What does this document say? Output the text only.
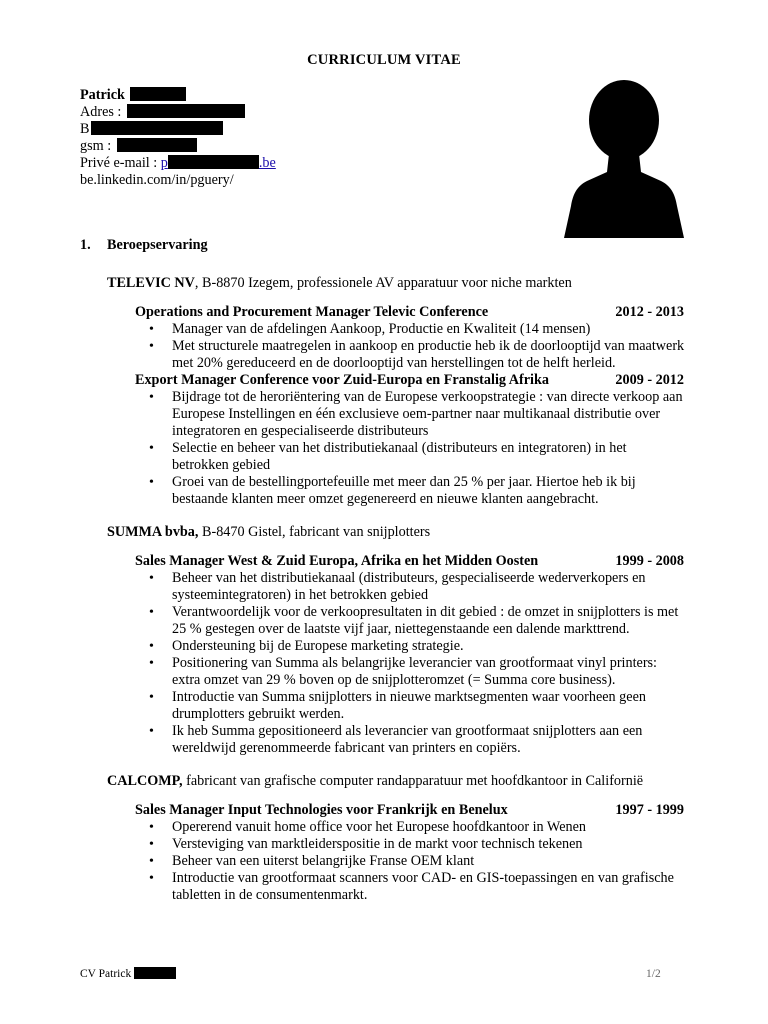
CURRICULUM VITAE
Patrick
Adres :
B
gsm :
Privé e-mail : p	.be
be.linkedin.com/in/pguery/
1. Beroepservaring
TELEVIC NV, B-8870 Izegem, professionele AV apparatuur voor niche markten
Operations and Procurement Manager Televic Conference	2012 - 2013
• Manager van de afdelingen Aankoop, Productie en Kwaliteit (14 mensen)
• Met structurele maatregelen in aankoop en productie heb ik de doorlooptijd van maatwerk met 20% gereduceerd en de doorlooptijd van herstellingen tot de helft herleid.
Export Manager Conference voor Zuid-Europa en Franstalig Afrika	2009 - 2012
• Bijdrage tot de heroriëntering van de Europese verkoopstrategie : van directe verkoop aan Europese Instellingen en één exclusieve oem-partner naar multikanaal distributie over integratoren en gespecialiseerde distributeurs
• Selectie en beheer van het distributiekanaal (distributeurs en integratoren) in het betrokken gebied
• Groei van de bestellingportefeuille met meer dan 25 % per jaar. Hiertoe heb ik bij bestaande klanten meer omzet gegenereerd en nieuwe klanten aangebracht.
SUMMA bvba, B-8470 Gistel, fabricant van snijplotters
Sales Manager West & Zuid Europa, Afrika en het Midden Oosten	1999 - 2008
• Beheer van het distributiekanaal (distributeurs, gespecialiseerde wederverkopers en systeemintegratoren) in het betrokken gebied
• Verantwoordelijk voor de verkoopresultaten in dit gebied : de omzet in snijplotters is met 25 % gestegen over de laatste vijf jaar, niettegenstaande een dalende markttrend.
• Ondersteuning bij de Europese marketing strategie.
• Positionering van Summa als belangrijke leverancier van grootformaat vinyl printers: extra omzet van 29 % boven op de snijplotteromzet (= Summa core business).
• Introductie van Summa snijplotters in nieuwe marktsegmenten waar voorheen geen drumplotters gebruikt werden.
• Ik heb Summa gepositioneerd als leverancier van grootformaat snijplotters aan een wereldwijd gerenommeerde fabricant van printers en copiërs.
CALCOMP, fabricant van grafische computer randapparatuur met hoofdkantoor in Californië
Sales Manager Input Technologies voor Frankrijk en Benelux	1997 - 1999
• Opererend vanuit home office voor het Europese hoofdkantoor in Wenen
• Versteviging van marktleiderspositie in de markt voor technisch tekenen
• Beheer van een uiterst belangrijke Franse OEM klant
• Introductie van grootformaat scanners voor CAD- en GIS-toepassingen en van grafische tabletten in de consumentenmarkt.
CV Patrick	1/2
